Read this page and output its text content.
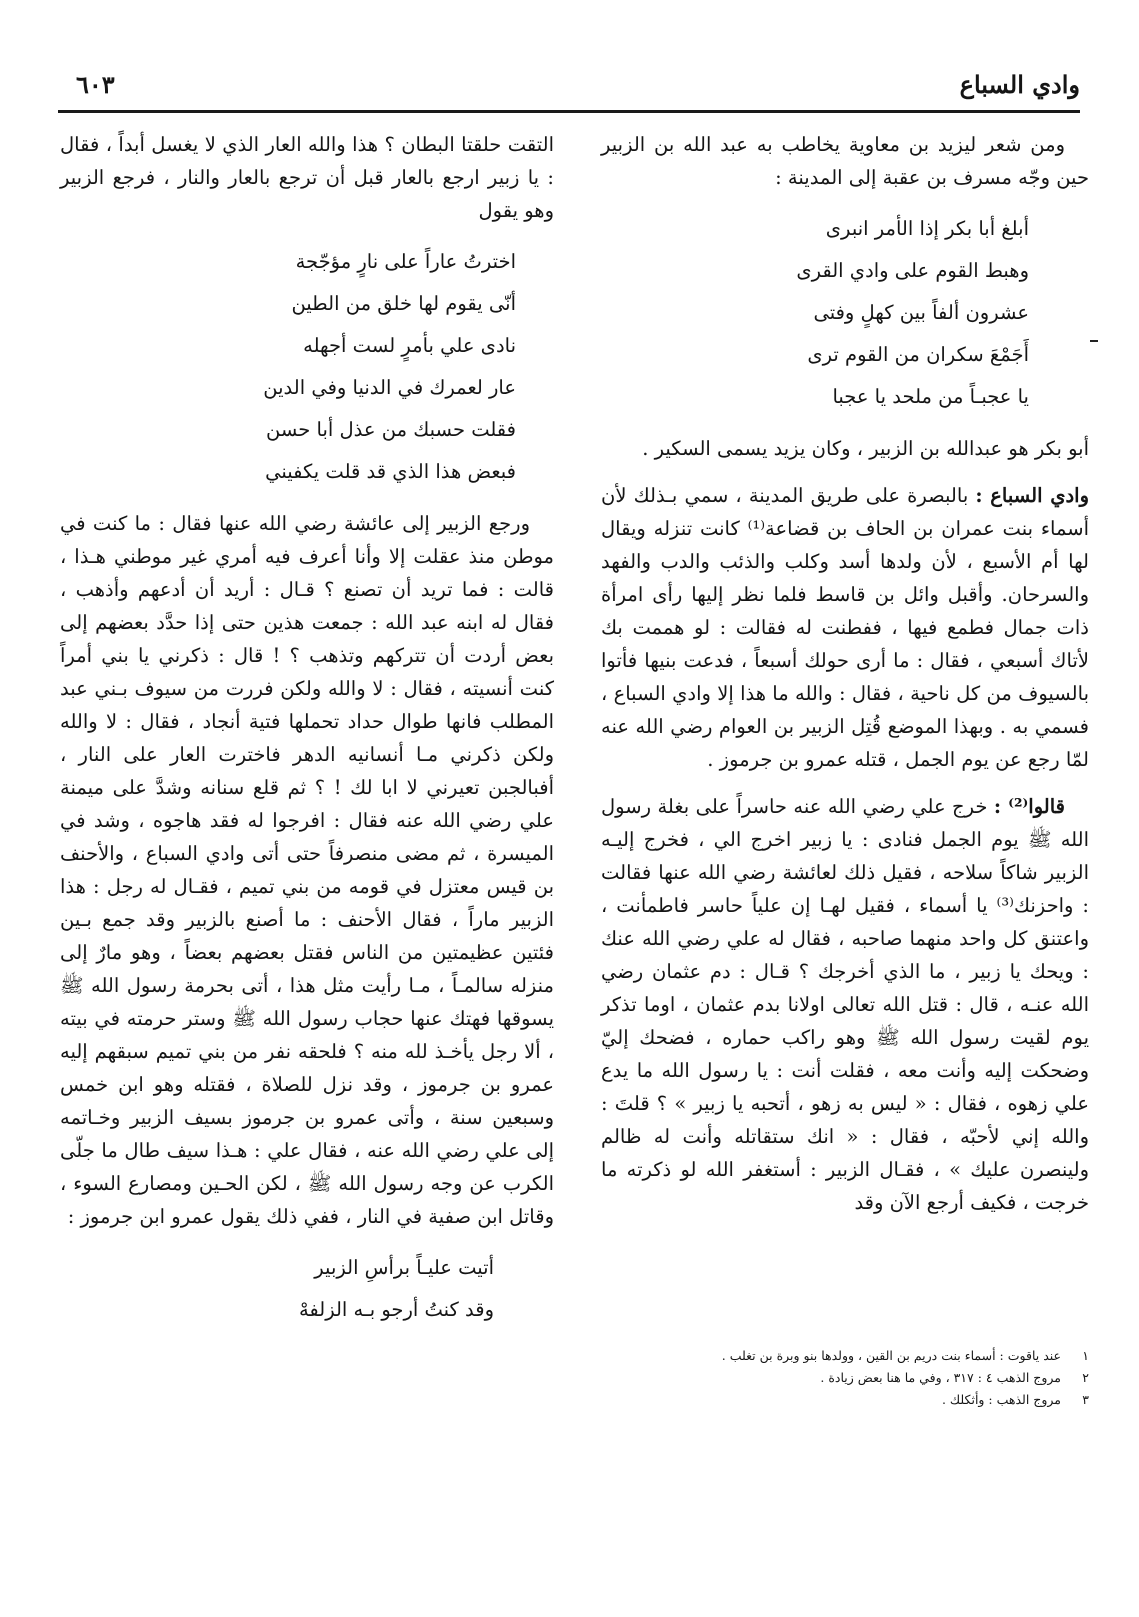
وادي السباع
٦٠٣

ومن شعر ليزيد بن معاوية يخاطب به عبد الله بن الزبير حين وجّه مسرف بن عقبة إلى المدينة :

أبلغ أبا بكر إذا الأمر انبرى
وهبط القوم على وادي القرى
عشرون ألفاً بين كهلٍ وفتى
أَجَمْعَ سكران من القوم ترى
يا عجبـاً من ملحد يا عجبا

أبو بكر هو عبدالله بن الزبير ، وكان يزيد يسمى السكير .

وادي السباع : بالبصرة على طريق المدينة ، سمي بـذلك لأن أسماء بنت عمران بن الحاف بن قضاعة⁽¹⁾ كانت تنزله ويقال لها أم الأسبع ، لأن ولدها أسد وكلب والذئب والدب والفهد والسرحان. وأقبل وائل بن قاسط فلما نظر إليها رأى امرأة ذات جمال فطمع فيها ، ففطنت له فقالت : لو هممت بك لأتاك أسبعي ، فقال : ما أرى حولك أسبعاً ، فدعت بنيها فأتوا بالسيوف من كل ناحية ، فقال : والله ما هذا إلا وادي السباع ، فسمي به . وبهذا الموضع قُتِل الزبير بن العوام رضي الله عنه لمّا رجع عن يوم الجمل ، قتله عمرو بن جرموز .

قالوا⁽²⁾ : خرج علي رضي الله عنه حاسراً على بغلة رسول الله ﷺ يوم الجمل فنادى : يا زبير اخرج الي ، فخرج إليـه الزبير شاكاً سلاحه ، فقيل ذلك لعائشة رضي الله عنها فقالت : واحزنك⁽³⁾ يا أسماء ، فقيل لهـا إن علياً حاسر فاطمأنت ، واعتنق كل واحد منهما صاحبه ، فقال له علي رضي الله عنك : ويحك يا زبير ، ما الذي أخرجك ؟ قـال : دم عثمان رضي الله عنـه ، قال : قتل الله تعالى اولانا بدم عثمان ، اوما تذكر يوم لقيت رسول الله ﷺ وهو راكب حماره ، فضحك إليّ وضحكت إليه وأنت معه ، فقلت أنت : يا رسول الله ما يدع علي زهوه ، فقال : « ليس به زهو ، أتحبه يا زبير » ؟ قلتَ : والله إني لأحبّه ، فقال : « انك ستقاتله وأنت له ظالم ولينصرن عليك » ، فقـال الزبير : أستغفر الله لو ذكرته ما خرجت ، فكيف أرجع الآن وقد

التقت حلقتا البطان ؟ هذا والله العار الذي لا يغسل أبداً ، فقال : يا زبير ارجع بالعار قبل أن ترجع بالعار والنار ، فرجع الزبير وهو يقول

اخترتُ عاراً على نارٍ مؤجّجة
أنّى يقوم لها خلق من الطين
نادى علي بأمرٍ لست أجهله
عار لعمرك في الدنيا وفي الدين
فقلت حسبك من عذل أبا حسن
فبعض هذا الذي قد قلت يكفيني

ورجع الزبير إلى عائشة رضي الله عنها فقال : ما كنت في موطن منذ عقلت إلا وأنا أعرف فيه أمري غير موطني هـذا ، قالت : فما تريد أن تصنع ؟ قـال : أريد أن أدعهم وأذهب ، فقال له ابنه عبد الله : جمعت هذين حتى إذا حدَّد بعضهم إلى بعض أردت أن تتركهم وتذهب ؟ ! قال : ذكرني يا بني أمراً كنت أنسيته ، فقال : لا والله ولكن فررت من سيوف بـني عبد المطلب فانها طوال حداد تحملها فتية أنجاد ، فقال : لا والله ولكن ذكرني مـا أنسانيه الدهر فاخترت العار على النار ، أفبالجبن تعيرني لا ابا لك ! ؟ ثم قلع سنانه وشدَّ على ميمنة علي رضي الله عنه فقال : افرجوا له فقد هاجوه ، وشد في الميسرة ، ثم مضى منصرفاً حتى أتى وادي السباع ، والأحنف بن قيس معتزل في قومه من بني تميم ، فقـال له رجل : هذا الزبير ماراً ، فقال الأحنف : ما أصنع بالزبير وقد جمع بـين فئتين عظيمتين من الناس فقتل بعضهم بعضاً ، وهو مارٌ إلى منزله سالمـاً ، مـا رأيت مثل هذا ، أتى بحرمة رسول الله ﷺ يسوقها فهتك عنها حجاب رسول الله ﷺ وستر حرمته في بيته ، ألا رجل يأخـذ لله منه ؟ فلحقه نفر من بني تميم سبقهم إليه عمرو بن جرموز ، وقد نزل للصلاة ، فقتله وهو ابن خمس وسبعين سنة ، وأتى عمرو بن جرموز بسيف الزبير وخـاتمه إلى علي رضي الله عنه ، فقال علي : هـذا سيف طال ما جلّى الكرب عن وجه رسول الله ﷺ ، لكن الحـين ومصارع السوء ، وقاتل ابن صفية في النار ، ففي ذلك يقول عمرو ابن جرموز :

أتيت عليـاً برأسِ الزبير
وقد كنتُ أرجو بـه الزلفهْ
١عند ياقوت : أسماء بنت دريم بن القين ، وولدها بنو وبرة بن تغلب .
٢مروج الذهب ٤ : ٣١٧ ، وفي ما هنا بعض زيادة .
٣مروج الذهب : وأثكلك .
